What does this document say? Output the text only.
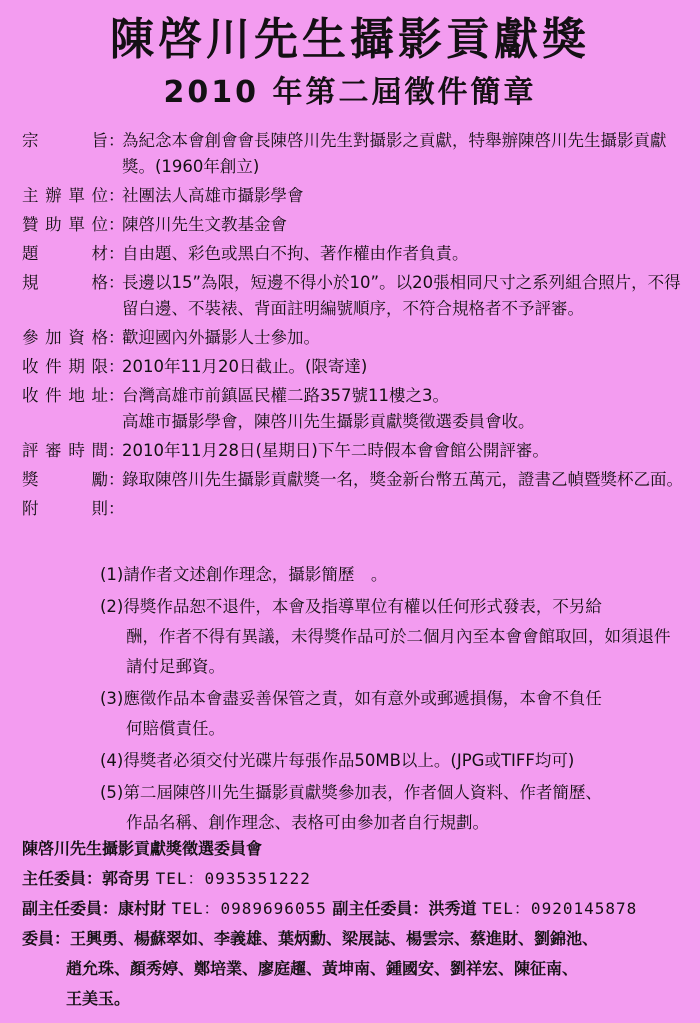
陳啓川先生攝影貢獻獎
2010 年第二屆徵件簡章
宗　　旨 ：
為紀念本會創會會長陳啓川先生對攝影之貢獻，特舉辦陳啓川先生攝影貢獻獎。(1960年創立)
主辦單位 ：
社團法人高雄市攝影學會
贊助單位 ：
陳啓川先生文教基金會
題　　材 ：
自由題、彩色或黑白不拘、著作權由作者負責。
規　　格 ：
長邊以15”為限，短邊不得小於10”。以20張相同尺寸之系列組合照片，不得留白邊、不裝裱、背面註明編號順序，不符合規格者不予評審。
參加資格 ：
歡迎國內外攝影人士參加。
收件期限 ：
2010年11月20日截止。(限寄達)
收件地址 ：
台灣高雄市前鎮區民權二路357號11樓之3。
高雄市攝影學會，陳啓川先生攝影貢獻獎徵選委員會收。
評審時間 ：
2010年11月28日(星期日)下午二時假本會會館公開評審。
獎　　勵 ：
錄取陳啓川先生攝影貢獻獎一名，獎金新台幣五萬元，證書乙幀暨獎杯乙面。
附　　則 ：
(1)請作者文述創作理念，攝影簡歷　。
(2)得獎作品恕不退件，本會及指導單位有權以任何形式發表，不另給
酬，作者不得有異議，未得獎作品可於二個月內至本會會館取回，如須退件請付足郵資。
(3)應徵作品本會盡妥善保管之責，如有意外或郵遞損傷，本會不負任
何賠償責任。
(4)得獎者必須交付光碟片每張作品50MB以上。(JPG或TIFF均可)
(5)第二屆陳啓川先生攝影貢獻獎參加表，作者個人資料、作者簡歷、
作品名稱、創作理念、表格可由參加者自行規劃。
陳啓川先生攝影貢獻獎徵選委員會
主任委員：郭奇男 TEL：0935351222
副主任委員：康村財 TEL：0989696055 副主任委員：洪秀道 TEL：0920145878
委員：王興勇、楊蘇翠如、李義雄、葉炳勳、梁展誌、楊雲宗、蔡進財、劉錦池、
趙允珠、顏秀婷、鄭培業、廖庭趯、黃坤南、鍾國安、劉祥宏、陳征南、
王美玉。
